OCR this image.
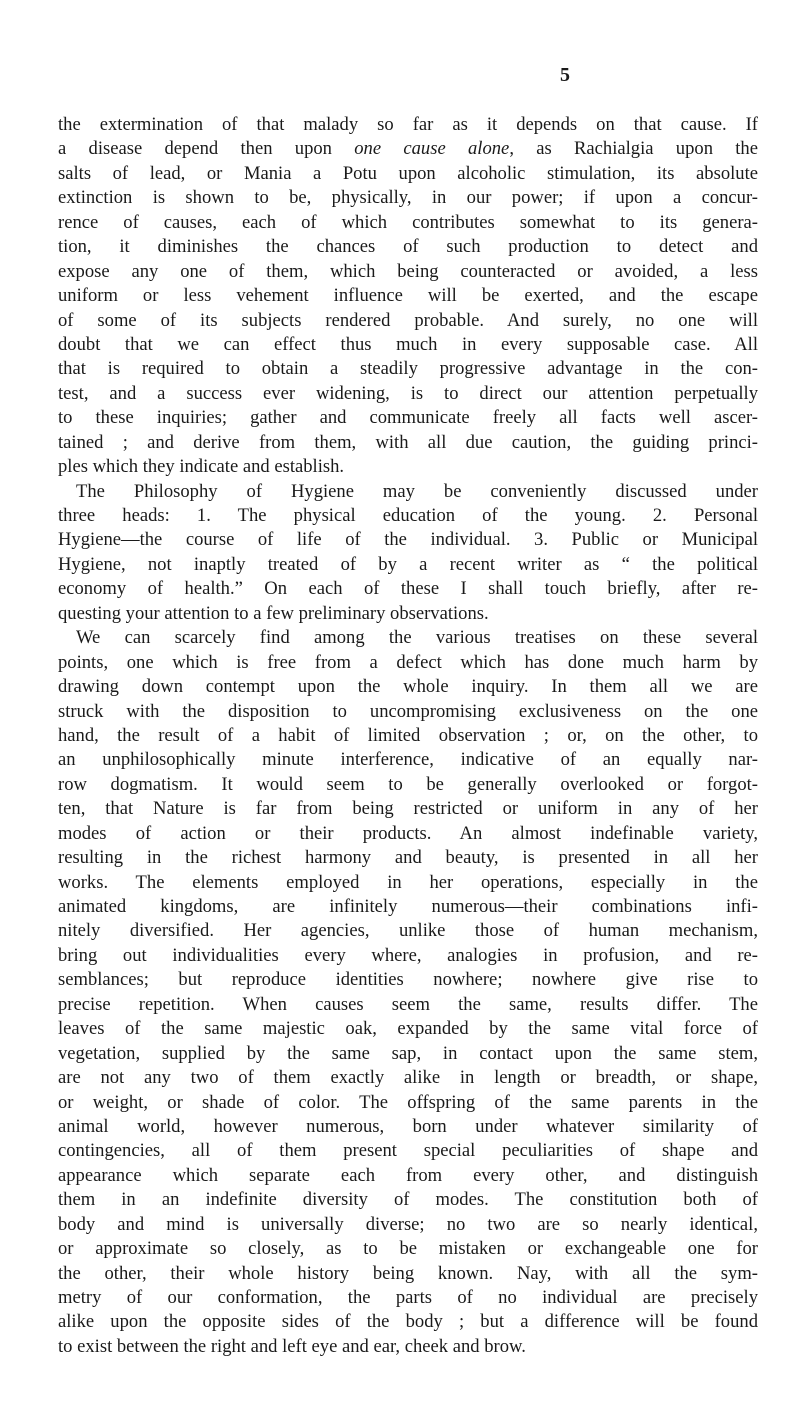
5
the extermination of that malady so far as it depends on that cause. If
a disease depend then upon one cause alone, as Rachialgia upon the
salts of lead, or Mania a Potu upon alcoholic stimulation, its absolute
extinction is shown to be, physically, in our power; if upon a concur-
rence of causes, each of which contributes somewhat to its genera-
tion, it diminishes the chances of such production to detect and
expose any one of them, which being counteracted or avoided, a less
uniform or less vehement influence will be exerted, and the escape
of some of its subjects rendered probable. And surely, no one will
doubt that we can effect thus much in every supposable case. All
that is required to obtain a steadily progressive advantage in the con-
test, and a success ever widening, is to direct our attention perpetually
to these inquiries; gather and communicate freely all facts well ascer-
tained ; and derive from them, with all due caution, the guiding princi-
ples which they indicate and establish.
The Philosophy of Hygiene may be conveniently discussed under
three heads: 1. The physical education of the young. 2. Personal
Hygiene—the course of life of the individual. 3. Public or Municipal
Hygiene, not inaptly treated of by a recent writer as “ the political
economy of health.” On each of these I shall touch briefly, after re-
questing your attention to a few preliminary observations.
We can scarcely find among the various treatises on these several
points, one which is free from a defect which has done much harm by
drawing down contempt upon the whole inquiry. In them all we are
struck with the disposition to uncompromising exclusiveness on the one
hand, the result of a habit of limited observation ; or, on the other, to
an unphilosophically minute interference, indicative of an equally nar-
row dogmatism. It would seem to be generally overlooked or forgot-
ten, that Nature is far from being restricted or uniform in any of her
modes of action or their products. An almost indefinable variety,
resulting in the richest harmony and beauty, is presented in all her
works. The elements employed in her operations, especially in the
animated kingdoms, are infinitely numerous—their combinations infi-
nitely diversified. Her agencies, unlike those of human mechanism,
bring out individualities every where, analogies in profusion, and re-
semblances; but reproduce identities nowhere; nowhere give rise to
precise repetition. When causes seem the same, results differ. The
leaves of the same majestic oak, expanded by the same vital force of
vegetation, supplied by the same sap, in contact upon the same stem,
are not any two of them exactly alike in length or breadth, or shape,
or weight, or shade of color. The offspring of the same parents in the
animal world, however numerous, born under whatever similarity of
contingencies, all of them present special peculiarities of shape and
appearance which separate each from every other, and distinguish
them in an indefinite diversity of modes. The constitution both of
body and mind is universally diverse; no two are so nearly identical,
or approximate so closely, as to be mistaken or exchangeable one for
the other, their whole history being known. Nay, with all the sym-
metry of our conformation, the parts of no individual are precisely
alike upon the opposite sides of the body ; but a difference will be found
to exist between the right and left eye and ear, cheek and brow.
